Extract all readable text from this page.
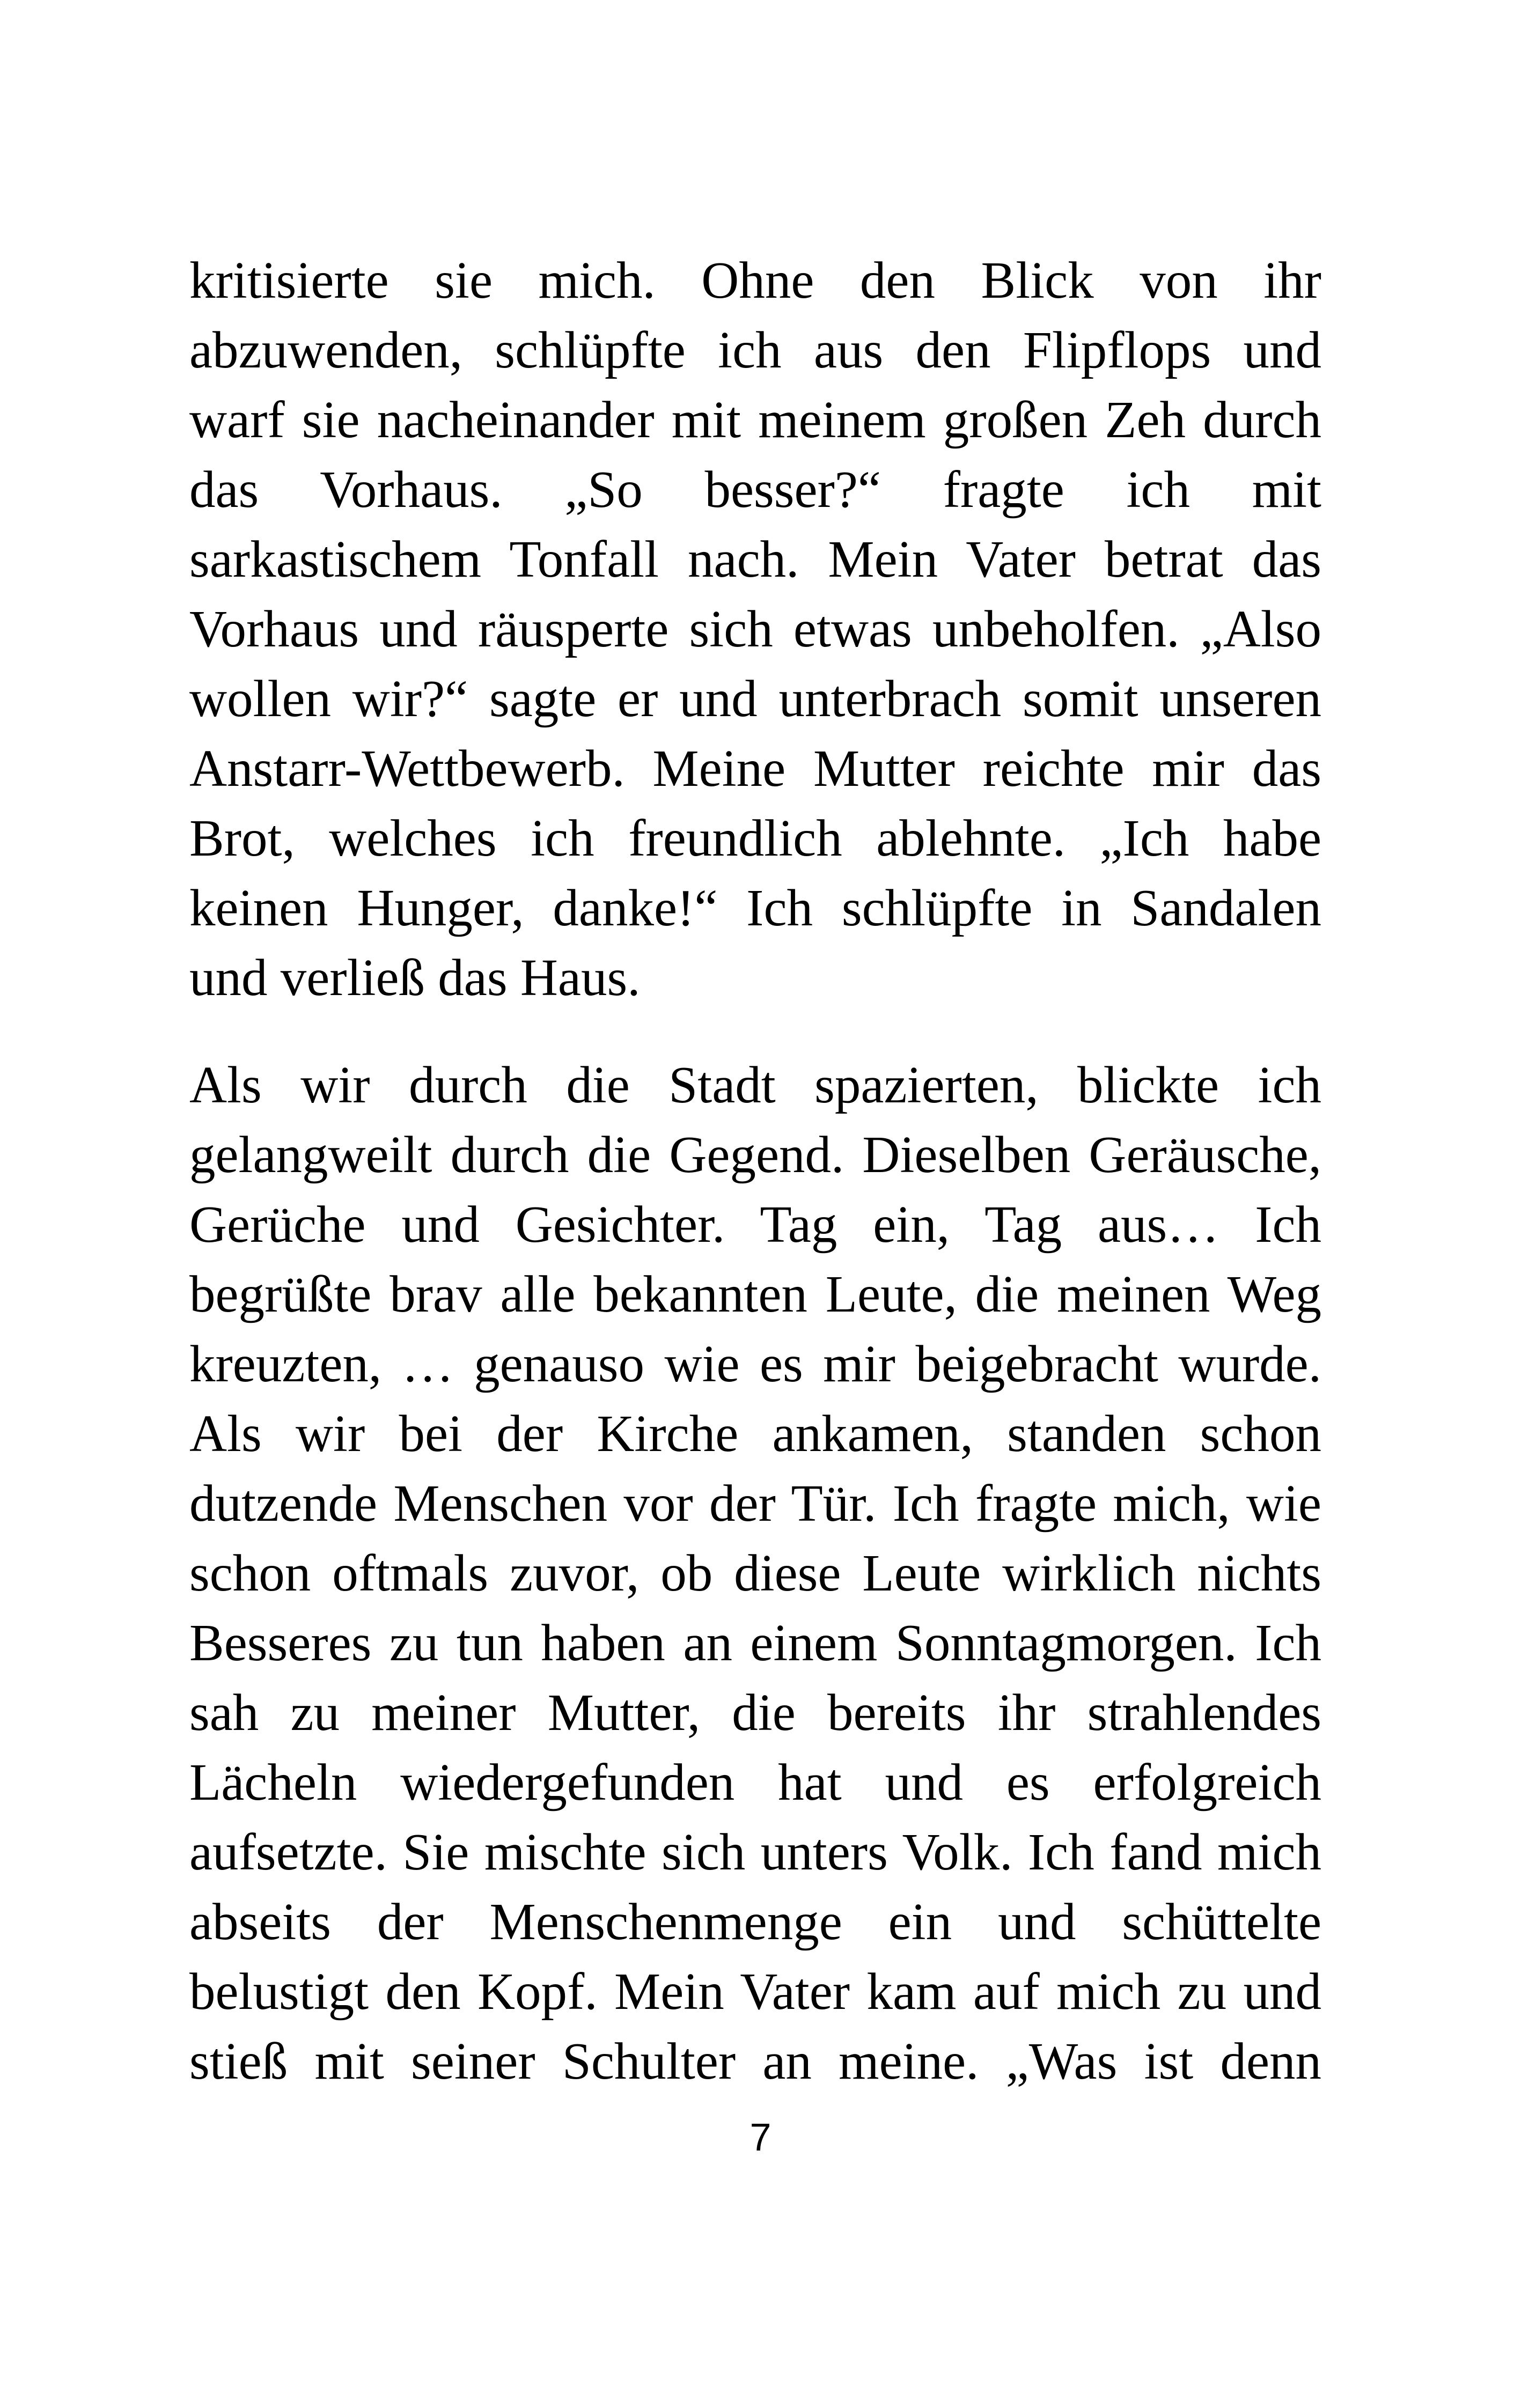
kritisierte sie mich. Ohne den Blick von ihr
abzuwenden, schlüpfte ich aus den Flipflops und
warf sie nacheinander mit meinem großen Zeh durch
das Vorhaus. „So besser?“ fragte ich mit
sarkastischem Tonfall nach. Mein Vater betrat das
Vorhaus und räusperte sich etwas unbeholfen. „Also
wollen wir?“ sagte er und unterbrach somit unseren
Anstarr-Wettbewerb. Meine Mutter reichte mir das
Brot, welches ich freundlich ablehnte. „Ich habe
keinen Hunger, danke!“ Ich schlüpfte in Sandalen
und verließ das Haus.

Als wir durch die Stadt spazierten, blickte ich
gelangweilt durch die Gegend. Dieselben Geräusche,
Gerüche und Gesichter. Tag ein, Tag aus… Ich
begrüßte brav alle bekannten Leute, die meinen Weg
kreuzten, … genauso wie es mir beigebracht wurde.
Als wir bei der Kirche ankamen, standen schon
dutzende Menschen vor der Tür. Ich fragte mich, wie
schon oftmals zuvor, ob diese Leute wirklich nichts
Besseres zu tun haben an einem Sonntagmorgen. Ich
sah zu meiner Mutter, die bereits ihr strahlendes
Lächeln wiedergefunden hat und es erfolgreich
aufsetzte. Sie mischte sich unters Volk. Ich fand mich
abseits der Menschenmenge ein und schüttelte
belustigt den Kopf. Mein Vater kam auf mich zu und
stieß mit seiner Schulter an meine. „Was ist denn

7
